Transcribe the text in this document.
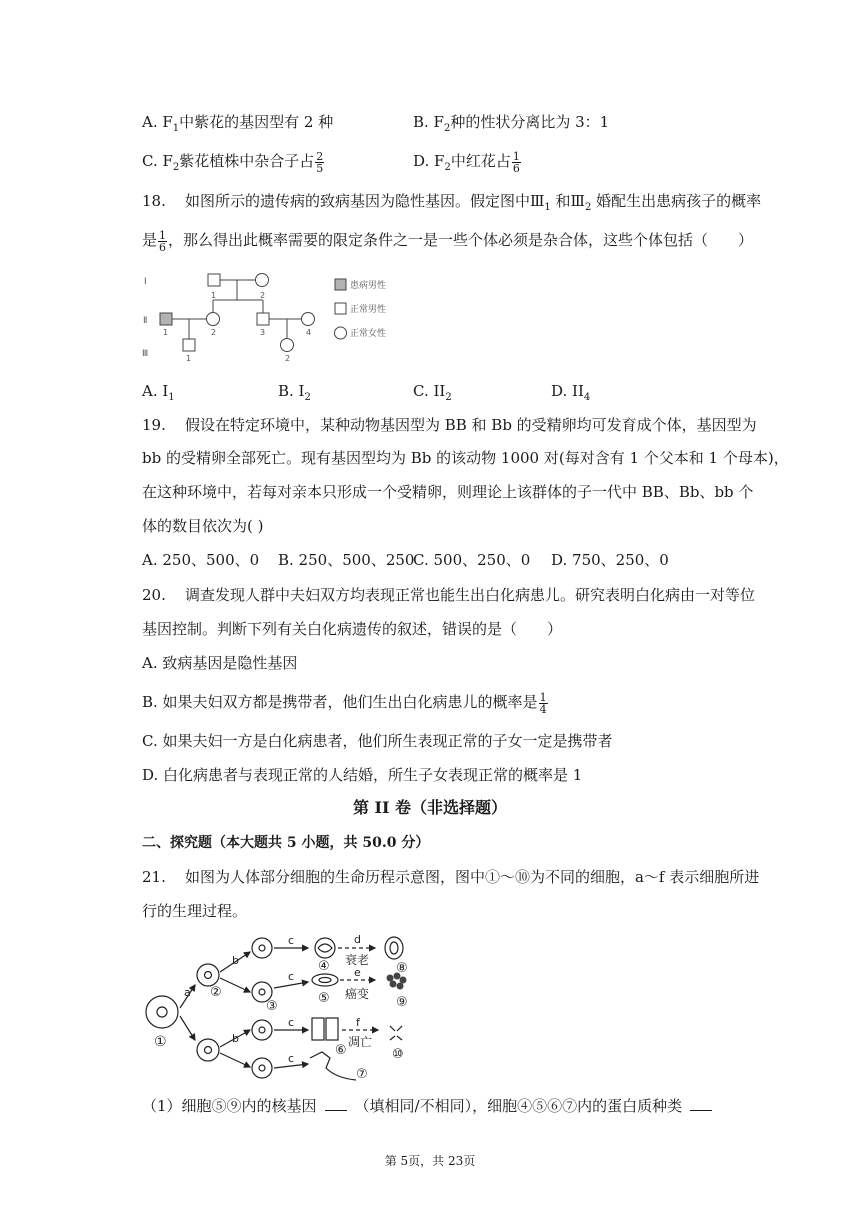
A. $F_1$中紫花的基因型有 2 种	B. $F_2$种的性状分离比为 3：1
C. $F_2$紫花植株中杂合子占 $\frac{2}{5}$	D. $F_2$中红花占 $\frac{1}{6}$
18. 如图所示的遗传病的致病基因为隐性基因。假定图中$Ⅲ_1$ 和$Ⅲ_2$ 婚配生出患病孩子的概率
是 $\frac{1}{6}$ ，那么得出此概率需要的限定条件之一是一些个体必须是杂合体，这些个体包括（　　）
Ⅰ
Ⅱ
Ⅲ
1	2
1	2	3	4
1	2
患病男性
正常男性
正常女性
A. $I_1$	B. $I_2$	C. $II_2$	D. $II_4$
19. 假设在特定环境中，某种动物基因型为 BB 和 Bb 的受精卵均可发育成个体，基因型为
bb 的受精卵全部死亡。现有基因型均为 Bb 的该动物 1000 对(每对含有 1 个父本和 1 个母本)，
在这种环境中，若每对亲本只形成一个受精卵，则理论上该群体的子一代中 BB、Bb、bb 个
体的数目依次为( )
A. 250、500、0 B. 250、500、250
C. 500、250、0 D. 750、250、0
20. 调查发现人群中夫妇双方均表现正常也能生出白化病患儿。研究表明白化病由一对等位
基因控制。判断下列有关白化病遗传的叙述，错误的是（　　）
A. 致病基因是隐性基因
B. 如果夫妇双方都是携带者，他们生出白化病患儿的概率是 $\frac{1}{4}$
C. 如果夫妇一方是白化病患者，他们所生表现正常的子女一定是携带者
D. 白化病患者与表现正常的人结婚，所生子女表现正常的概率是 1
第 II 卷（非选择题）
二、探究题（本大题共 5 小题，共 50.0 分）
21. 如图为人体部分细胞的生命历程示意图，图中①～⑩为不同的细胞，a～f 表示细胞所进
行的生理过程。
a
b
b
c
c
c
c
d
e
f
衰老
癌变
凋亡
①
②
③
④
⑤
⑥
⑦
⑧
⑨
⑩
（1）细胞⑤⑨内的核基因	（填相同/不相同），细胞④⑤⑥⑦内的蛋白质种类
第 5页，共 23页
